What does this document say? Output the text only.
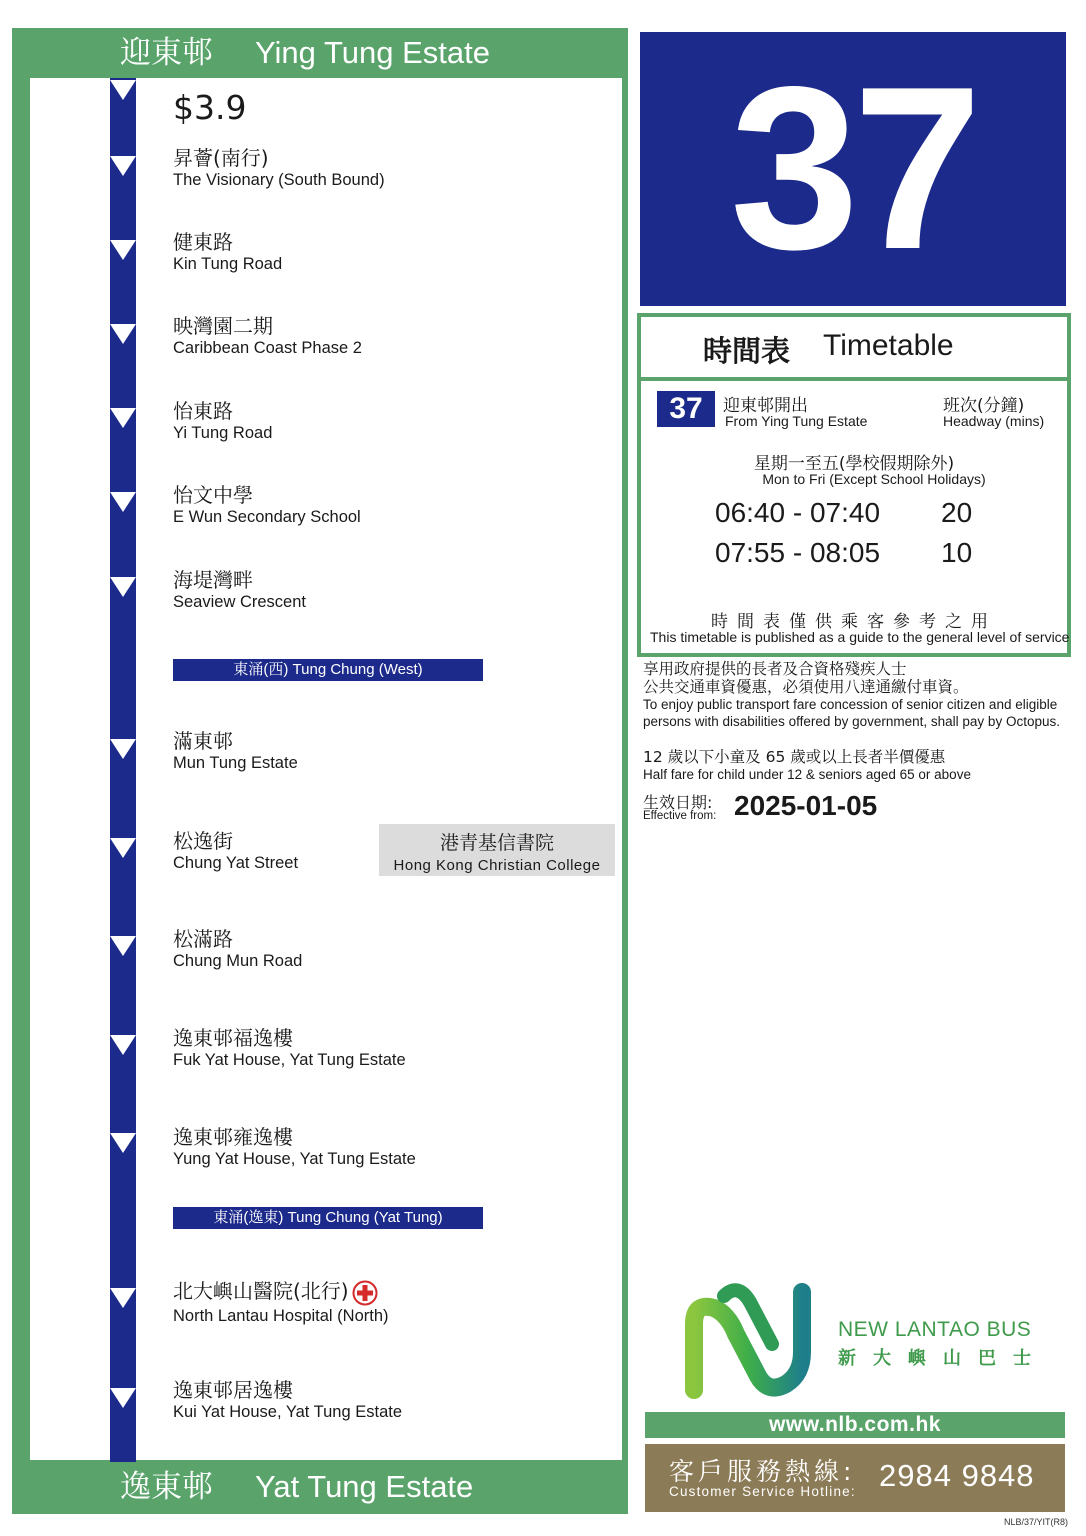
迎東邨 Ying Tung Estate
逸東邨 Yat Tung Estate
$3.9
昇薈(南行)
The Visionary (South Bound)
健東路
Kin Tung Road
映灣園二期
Caribbean Coast Phase 2
怡東路
Yi Tung Road
怡文中學
E Wun Secondary School
海堤灣畔
Seaview Crescent
東涌(西) Tung Chung (West)
滿東邨
Mun Tung Estate
松逸街
Chung Yat Street
港青基信書院
Hong Kong Christian College
松滿路
Chung Mun Road
逸東邨福逸樓
Fuk Yat House, Yat Tung Estate
逸東邨雍逸樓
Yung Yat House, Yat Tung Estate
東涌(逸東) Tung Chung (Yat Tung)
北大嶼山醫院(北行)
North Lantau Hospital (North)
逸東邨居逸樓
Kui Yat House, Yat Tung Estate
37
時間表 Timetable
37	迎東邨開出
From Ying Tung Estate
班次(分鐘)
Headway (mins)
星期一至五(學校假期除外)
Mon to Fri (Except School Holidays)
06:40 - 07:40 20
07:55 - 08:05 10
時間表僅供乘客參考之用
This timetable is published as a guide to the general level of service
享用政府提供的長者及合資格殘疾人士
公共交通車資優惠，必須使用八達通繳付車資。
To enjoy public transport fare concession of senior citizen and eligible
persons with disabilities offered by government, shall pay by Octopus.
12 歲以下小童及 65 歲或以上長者半價優惠
Half fare for child under 12 & seniors aged 65 or above
生效日期:
Effective from: 2025-01-05
NEW LANTAO BUS
新大嶼山巴士
www.nlb.com.hk
客戶服務熱線:
Customer Service Hotline: 2984 9848
NLB/37/YIT(R8)
